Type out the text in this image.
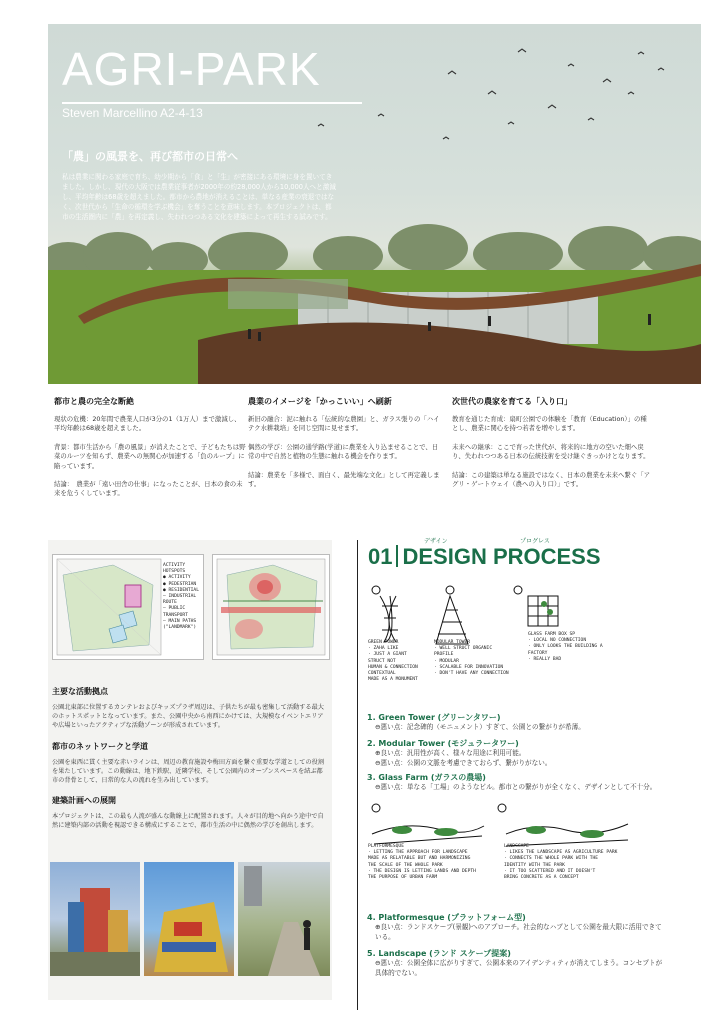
AGRI-PARK
Steven Marcellino A2-4-13
「農」の風景を、再び都市の日常へ
私は農業に関わる家庭で育ち、幼少期から「食」と「生」が密接にある環境に身を置いてきました。しかし、現代の大阪では農業従事者が2000年の約28,000人から10,000人へと激減し、平均年齢は68歳を超えました。都市から農地が消えることは、単なる産業の衰退ではなく、次世代から「生命の循環を学ぶ機会」を奪うことを意味します。本プロジェクトは、都市の生活圏内に「農」を再定義し、失われつつある文化を建築によって再生する試みです。
都市と農の完全な断絶

現状の危機：20年間で農業人口が3分の1（1万人）まで激減し、平均年齢は68歳を超えました。

背景：都市生活から「農の風景」が消えたことで、子どもたちは野菜のルーツを知らず、農業への無関心が加速する「負のループ」に陥っています。

結論：　農業が「遠い田舎の仕事」になったことが、日本の食の未来を危うくしています。

農業のイメージを「かっこいい」へ刷新

新旧の融合：泥に触れる「伝統的な農園」と、ガラス張りの「ハイテク水耕栽培」を同じ空間に見せます。

偶然の学び：公園の通学路(学道)に農業を入り込ませることで、日常の中で自然と植物の生態に触れる機会を作ります。

結論：農業を「多様で、面白く、最先端な文化」として再定義します。

次世代の農家を育てる「入り口」

教育を通じた育成：扇町公園での体験を「教育（Education）」の種とし、農業に関心を持つ若者を増やします。

未来への継承：ここで育った世代が、将来的に地方の空いた畑へ戻り、失われつつある日本の伝統技術を受け継ぐきっかけとなります。

結論：この建築は単なる施設ではなく、日本の農業を未来へ繋ぐ「アグリ・ゲートウェイ（農への入り口）」です。

ACTIVITY HOTSPOTS
● ACTIVITY
● PEDESTRIAN
● RESIDENTIAL
— INDUSTRIAL ROUTE
— PUBLIC TRANSPORT
— MAIN PATHS ("LANDMARK")
主要な活動拠点

公園北東部に位置するカンテレおよびキッズプラザ周辺は、子供たちが最も密集して活動する最大のホットスポットとなっています。また、公園中央から南西にかけては、大規模なイベントエリアや広場といったアクティブな活動ゾーンが形成されています。

都市のネットワークと学道

公園を東西に貫く主要な赤いラインは、周辺の教育施設や梅田方面を繋ぐ重要な学道としての役割を果たしています。この動線は、地下鉄駅、近隣学校、そして公園内のオープンスペースを結ぶ都市の背骨として、日常的な人の流れを生み出しています。

建築計画への展開

本プロジェクトは、この最も人流が盛んな動線上に配置されます。人々が目的地へ向かう途中で自然に建築内部の活動を視認できる構成にすることで、都市生活の中に偶然の学びを創出します。

デザイン	プログレス
01 DESIGN PROCESS
GREEN TOWER
· ZAHA LIKE
· JUST A GIANT
STRUCT NOT
HUMAN & CONNECTION
CONTEXTUAL
MADE AS A MONUMENT
MODULAR TOWER
· WELL STRUCT ORGANIC
PROFILE
· MODULAR
· SCALABLE FOR INNOVATION
· DON'T HAVE ANY CONNECTION
GLASS FARM BOX SP
· LOCAL NO CONNECTION
· ONLY LOOKS THE BUILDING A
FACTORY
· REALLY BAD
1. Green Tower (グリーンタワー)
⊖悪い点：記念碑的（モニュメント）すぎて、公園との繋がりが希薄。
2. Modular Tower (モジュラータワー)
⊕良い点：汎用性が高く、様々な用途に利用可能。
⊖悪い点：公園の文脈を考慮できておらず、繋がりがない。
3. Glass Farm (ガラスの農場)
⊖悪い点：単なる「工場」のようなビル。都市との繋がりが全くなく、デザインとして不十分。
PLATFORMESQUE
· LETTING THE APPROACH FOR LANDSCAPE
MADE AS RELATABLE BUT AND HARMONIZING
THE SCALE OF THE WHOLE PARK
· THE DESIGN IS LETTING LANDS AND DEPTH
THE PURPOSE OF URBAN FARM
LANDSCAPE
· LIKES THE LANDSCAPE AS AGRICULTURE PARK
· CONNECTS THE WHOLE PARK WITH THE
IDENTITY WITH THE PARK
· IT TOO SCATTERED AND IT DOESN'T
BRING CONCRETE AS A CONCEPT
4. Platformesque (プラットフォーム型)
⊕良い点：ランドスケープ(景観)へのアプローチ。社会的なハブとして公園を最大限に活用できている。
5. Landscape (ランド スケープ提案)
⊖悪い点：公園全体に広がりすぎて、公園本来のアイデンティティが消えてしまう。コンセプトが具体的でない。
